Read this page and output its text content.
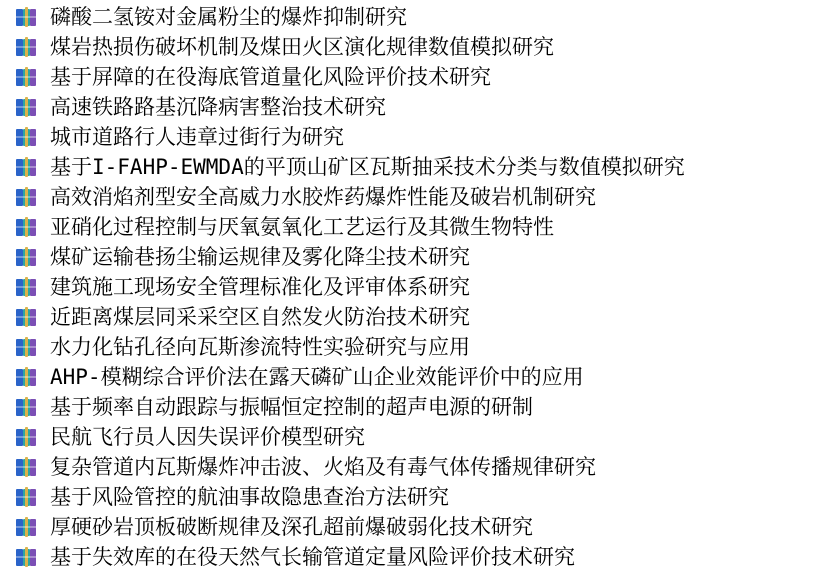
磷酸二氢铵对金属粉尘的爆炸抑制研究
煤岩热损伤破坏机制及煤田火区演化规律数值模拟研究
基于屏障的在役海底管道量化风险评价技术研究
高速铁路路基沉降病害整治技术研究
城市道路行人违章过街行为研究
基于I-FAHP-EWMDA的平顶山矿区瓦斯抽采技术分类与数值模拟研究
高效消焰剂型安全高威力水胶炸药爆炸性能及破岩机制研究
亚硝化过程控制与厌氧氨氧化工艺运行及其微生物特性
煤矿运输巷扬尘输运规律及雾化降尘技术研究
建筑施工现场安全管理标准化及评审体系研究
近距离煤层同采采空区自然发火防治技术研究
水力化钻孔径向瓦斯渗流特性实验研究与应用
AHP-模糊综合评价法在露天磷矿山企业效能评价中的应用
基于频率自动跟踪与振幅恒定控制的超声电源的研制
民航飞行员人因失误评价模型研究
复杂管道内瓦斯爆炸冲击波、火焰及有毒气体传播规律研究
基于风险管控的航油事故隐患查治方法研究
厚硬砂岩顶板破断规律及深孔超前爆破弱化技术研究
基于失效库的在役天然气长输管道定量风险评价技术研究
